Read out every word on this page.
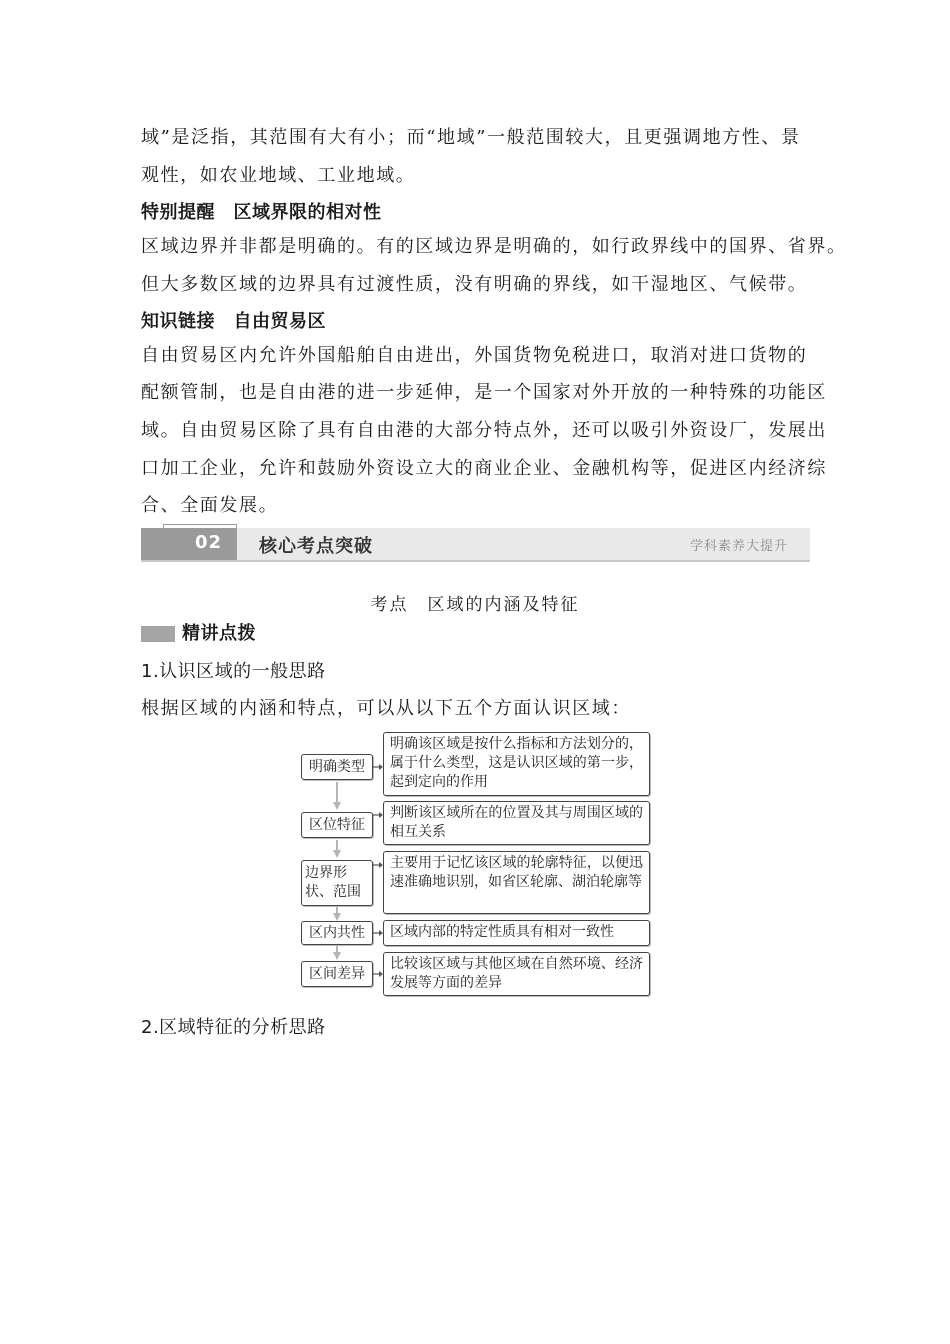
域”是泛指，其范围有大有小；而“地域”一般范围较大，且更强调地方性、景
观性，如农业地域、工业地域。
特别提醒　区域界限的相对性
区域边界并非都是明确的。有的区域边界是明确的，如行政界线中的国界、省界。
但大多数区域的边界具有过渡性质，没有明确的界线，如干湿地区、气候带。
知识链接　自由贸易区
自由贸易区内允许外国船舶自由进出，外国货物免税进口，取消对进口货物的
配额管制，也是自由港的进一步延伸，是一个国家对外开放的一种特殊的功能区
域。自由贸易区除了具有自由港的大部分特点外，还可以吸引外资设厂，发展出
口加工企业，允许和鼓励外资设立大的商业企业、金融机构等，促进区内经济综
合、全面发展。
02 核心考点突破	学科素养大提升
考点　区域的内涵及特征
精讲点拨
1.认识区域的一般思路
根据区域的内涵和特点，可以从以下五个方面认识区域：
明确类型
明确该区域是按什么指标和方法划分的，属于什么类型，这是认识区域的第一步，起到定向的作用
区位特征
判断该区域所在的位置及其与周围区域的相互关系
边界形状、范围
主要用于记忆该区域的轮廓特征，以便迅速准确地识别，如省区轮廓、湖泊轮廓等
区内共性	区域内部的特定性质具有相对一致性
区间差异
比较该区域与其他区域在自然环境、经济发展等方面的差异
2.区域特征的分析思路
